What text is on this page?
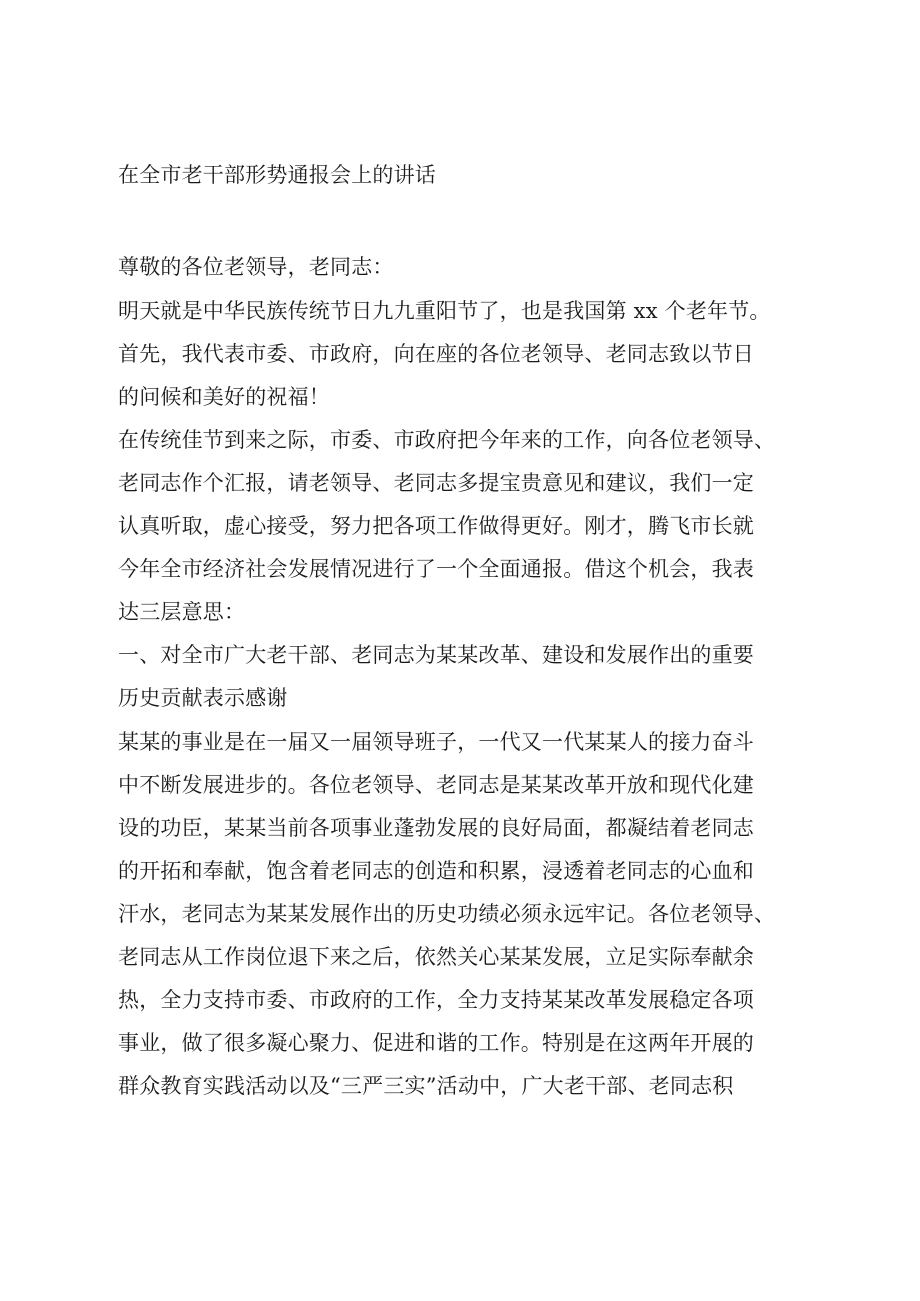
在全市老干部形势通报会上的讲话
尊敬的各位老领导，老同志：
明天就是中华民族传统节日九九重阳节了，也是我国第 xx 个老年节。
首先，我代表市委、市政府，向在座的各位老领导、老同志致以节日
的问候和美好的祝福！
在传统佳节到来之际，市委、市政府把今年来的工作，向各位老领导、
老同志作个汇报，请老领导、老同志多提宝贵意见和建议，我们一定
认真听取，虚心接受，努力把各项工作做得更好。刚才，腾飞市长就
今年全市经济社会发展情况进行了一个全面通报。借这个机会，我表
达三层意思：
一、对全市广大老干部、老同志为某某改革、建设和发展作出的重要
历史贡献表示感谢
某某的事业是在一届又一届领导班子，一代又一代某某人的接力奋斗
中不断发展进步的。各位老领导、老同志是某某改革开放和现代化建
设的功臣，某某当前各项事业蓬勃发展的良好局面，都凝结着老同志
的开拓和奉献，饱含着老同志的创造和积累，浸透着老同志的心血和
汗水，老同志为某某发展作出的历史功绩必须永远牢记。各位老领导、
老同志从工作岗位退下来之后，依然关心某某发展，立足实际奉献余
热，全力支持市委、市政府的工作，全力支持某某改革发展稳定各项
事业，做了很多凝心聚力、促进和谐的工作。特别是在这两年开展的
群众教育实践活动以及“三严三实”活动中，广大老干部、老同志积
